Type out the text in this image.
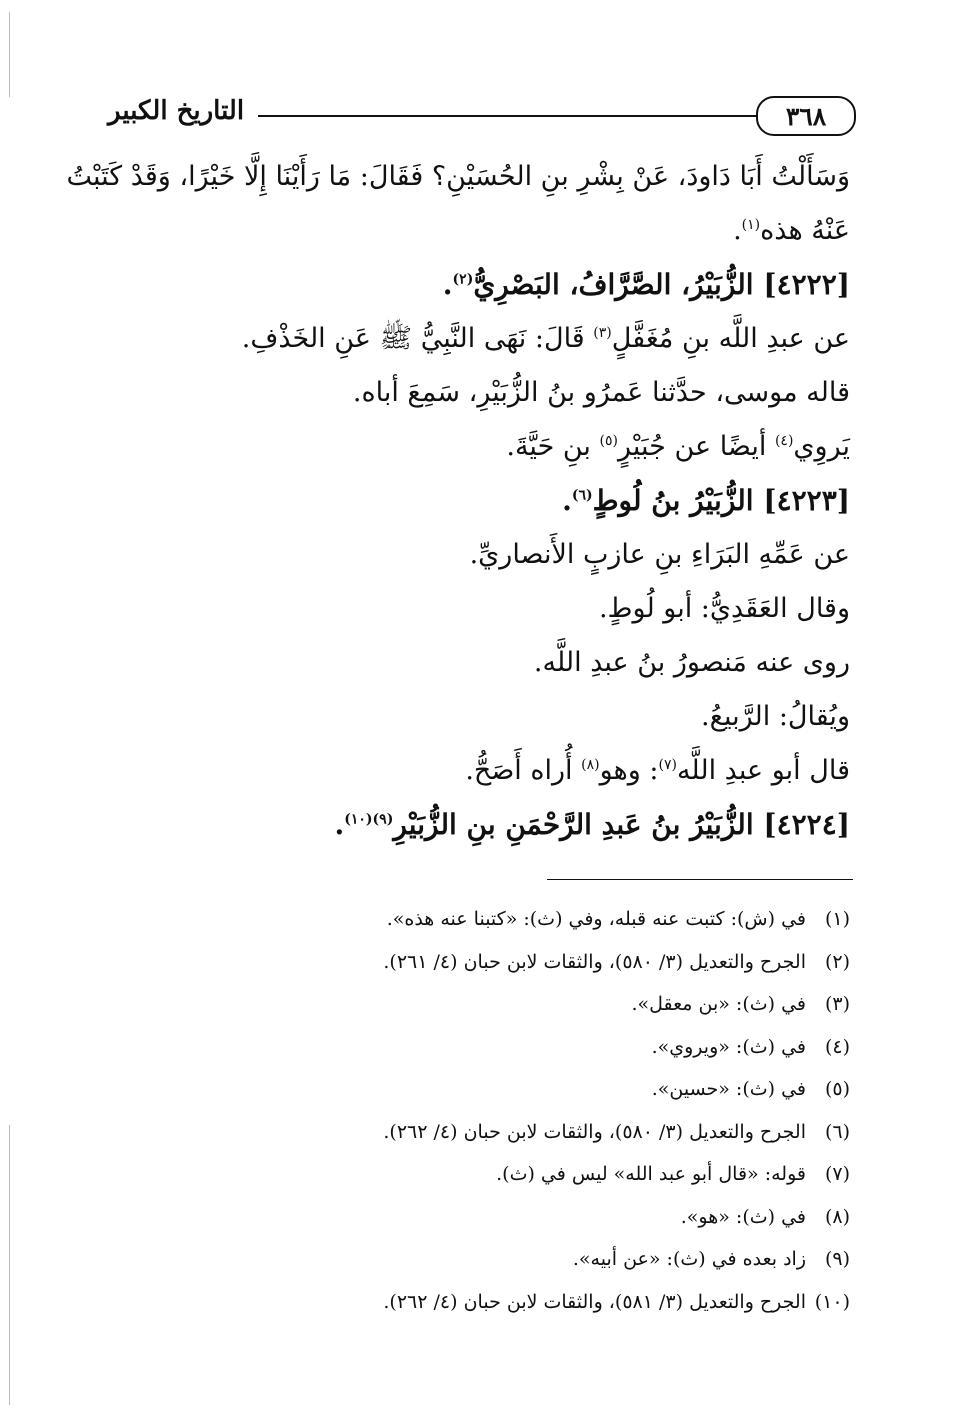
التاريخ الكبير	٣٦٨
وَسَأَلْتُ أَبَا دَاودَ، عَنْ بِشْرِ بنِ الحُسَيْنِ؟ فَقَالَ: مَا رَأَيْنَا إِلَّا خَيْرًا، وَقَدْ كَتَبْتُ
عَنْهُ هذه$^{(١)}$.
[٤٢٢٢] الزُّبَيْرُ، الصَّرَّافُ، البَصْرِيُّ$^{(٢)}$.
عن عبدِ اللَّه بنِ مُغَفَّلٍ$^{(٣)}$ قَالَ: نَهَى النَّبِيُّ ﷺ عَنِ الخَذْفِ.
قاله موسى، حدَّثنا عَمرُو بنُ الزُّبَيْرِ، سَمِعَ أباه.
يَروِي$^{(٤)}$ أيضًا عن جُبَيْرٍ$^{(٥)}$ بنِ حَيَّةَ.
[٤٢٢٣] الزُّبَيْرُ بنُ لُوطٍ$^{(٦)}$.
عن عَمِّهِ البَرَاءِ بنِ عازبٍ الأَنصاريِّ.
وقال العَقَدِيُّ: أبو لُوطٍ.
روى عنه مَنصورُ بنُ عبدِ اللَّه.
ويُقالُ: الرَّبيعُ.
قال أبو عبدِ اللَّه$^{(٧)}$: وهو$^{(٨)}$ أُراه أَصَحُّ.
[٤٢٢٤] الزُّبَيْرُ بنُ عَبدِ الرَّحْمَنِ بنِ الزُّبَيْرِ$^{(٩)(١٠)}$.
(١)في (ش): كتبت عنه قبله، وفي (ث): «كتبنا عنه هذه».
(٢)الجرح والتعديل (٣/ ٥٨٠)، والثقات لابن حبان (٤/ ٢٦١).
(٣)في (ث): «بن معقل».
(٤)في (ث): «ويروي».
(٥)في (ث): «حسين».
(٦)الجرح والتعديل (٣/ ٥٨٠)، والثقات لابن حبان (٤/ ٢٦٢).
(٧)قوله: «قال أبو عبد الله» ليس في (ث).
(٨)في (ث): «هو».
(٩)زاد بعده في (ث): «عن أبيه».
(١٠)الجرح والتعديل (٣/ ٥٨١)، والثقات لابن حبان (٤/ ٢٦٢).
